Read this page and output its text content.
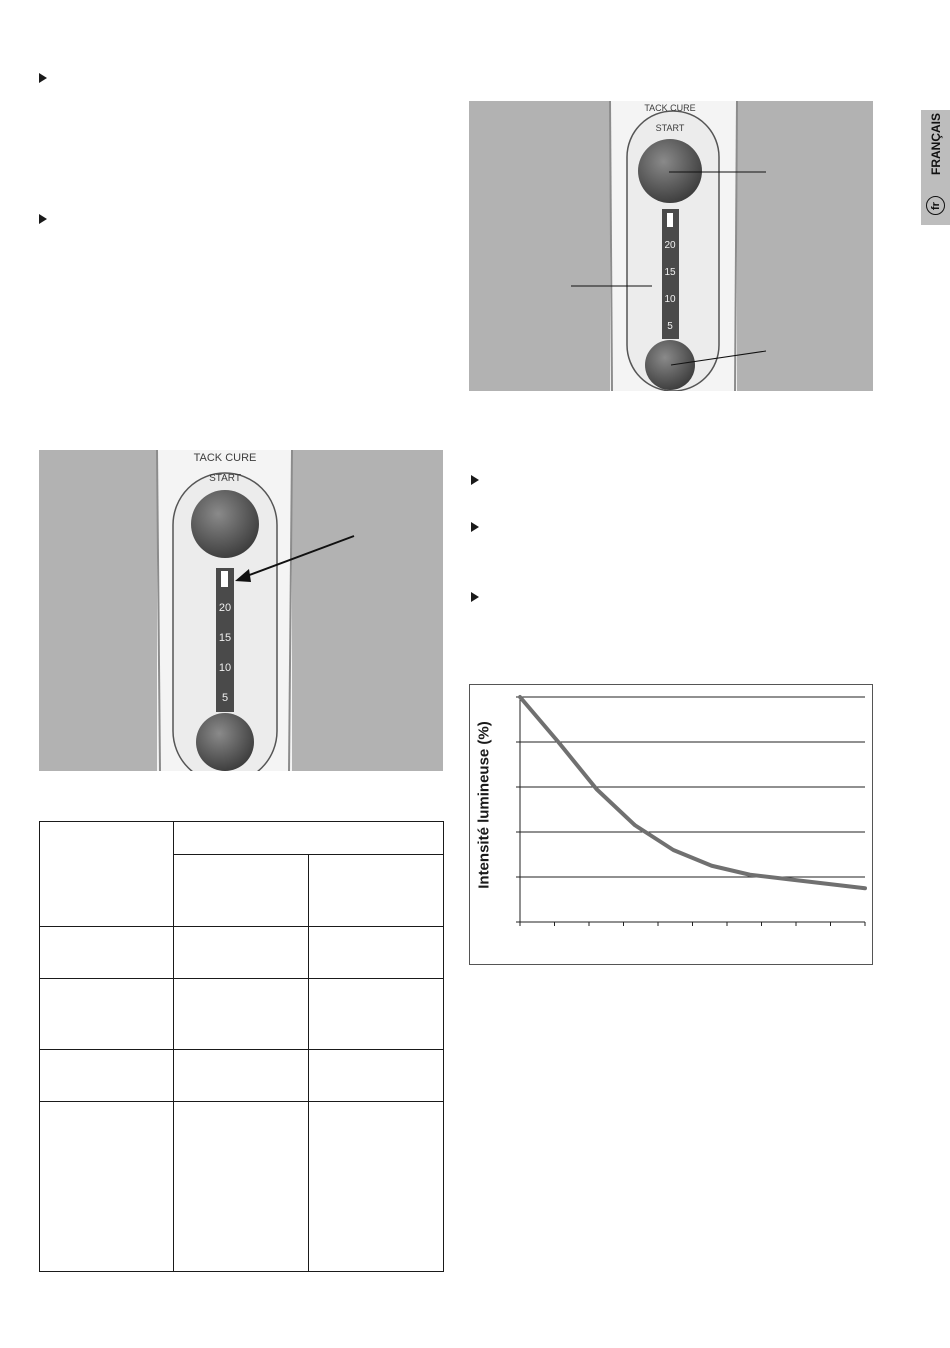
FRANÇAIS
fr
TACK CURE
START
20
15
10
5
TACK CURE
START
20
15
10
5

Intensité lumineuse (%)
